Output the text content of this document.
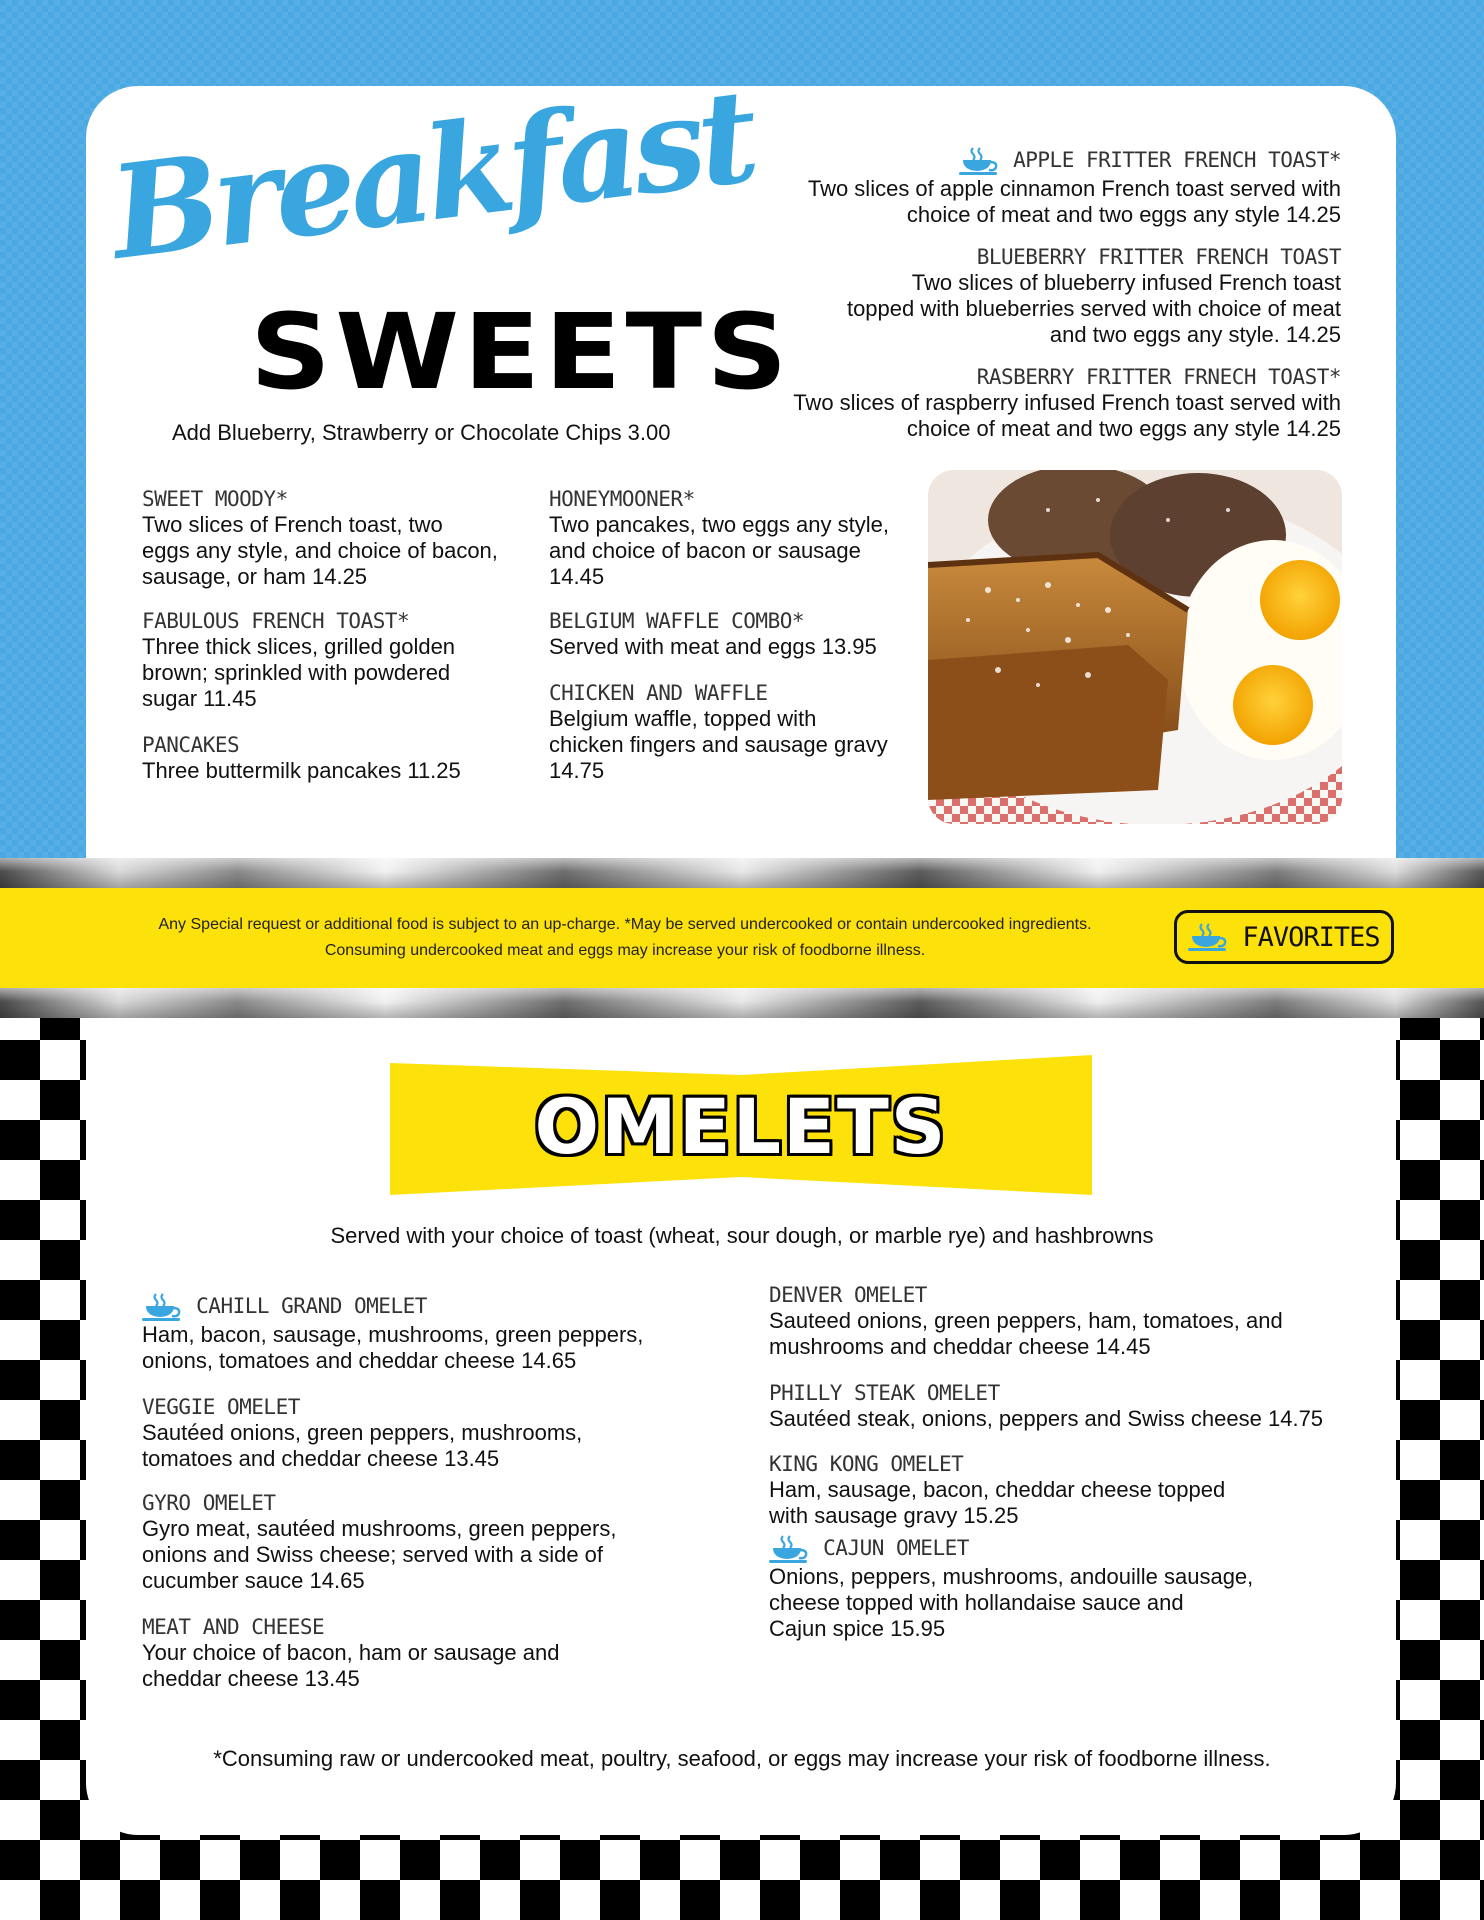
Breakfast
SWEETS
Add Blueberry, Strawberry or Chocolate Chips 3.00
APPLE FRITTER FRENCH TOAST*
Two slices of apple cinnamon French toast served with
choice of meat and two eggs any style 14.25
BLUEBERRY FRITTER FRENCH TOAST
Two slices of blueberry infused French toast
topped with blueberries served with choice of meat
and two eggs any style. 14.25
RASBERRY FRITTER FRNECH TOAST*
Two slices of raspberry infused French toast served with
choice of meat and two eggs any style 14.25
SWEET MOODY*
Two slices of French toast, two
eggs any style, and choice of bacon,
sausage, or ham 14.25
FABULOUS FRENCH TOAST*
Three thick slices, grilled golden
brown; sprinkled with powdered
sugar 11.45
PANCAKES
Three buttermilk pancakes 11.25
HONEYMOONER*
Two pancakes, two eggs any style,
and choice of bacon or sausage
14.45
BELGIUM WAFFLE COMBO*
Served with meat and eggs 13.95
CHICKEN AND WAFFLE
Belgium waffle, topped with
chicken fingers and sausage gravy
14.75
Any Special request or additional food is subject to an up-charge. *May be served undercooked or contain undercooked ingredients.
Consuming undercooked meat and eggs may increase your risk of foodborne illness.	FAVORITES
OMELETS
Served with your choice of toast (wheat, sour dough, or marble rye) and hashbrowns
CAHILL GRAND OMELET
Ham, bacon, sausage, mushrooms, green peppers,
onions, tomatoes and cheddar cheese 14.65
VEGGIE OMELET
Sautéed onions, green peppers, mushrooms,
tomatoes and cheddar cheese 13.45
GYRO OMELET
Gyro meat, sautéed mushrooms, green peppers,
onions and Swiss cheese; served with a side of
cucumber sauce 14.65
MEAT AND CHEESE
Your choice of bacon, ham or sausage and
cheddar cheese 13.45
DENVER OMELET
Sauteed onions, green peppers, ham, tomatoes, and
mushrooms and cheddar cheese 14.45
PHILLY STEAK OMELET
Sautéed steak, onions, peppers and Swiss cheese 14.75
KING KONG OMELET
Ham, sausage, bacon, cheddar cheese topped
with sausage gravy 15.25
CAJUN OMELET
Onions, peppers, mushrooms, andouille sausage,
cheese topped with hollandaise sauce and
Cajun spice 15.95
*Consuming raw or undercooked meat, poultry, seafood, or eggs may increase your risk of foodborne illness.
